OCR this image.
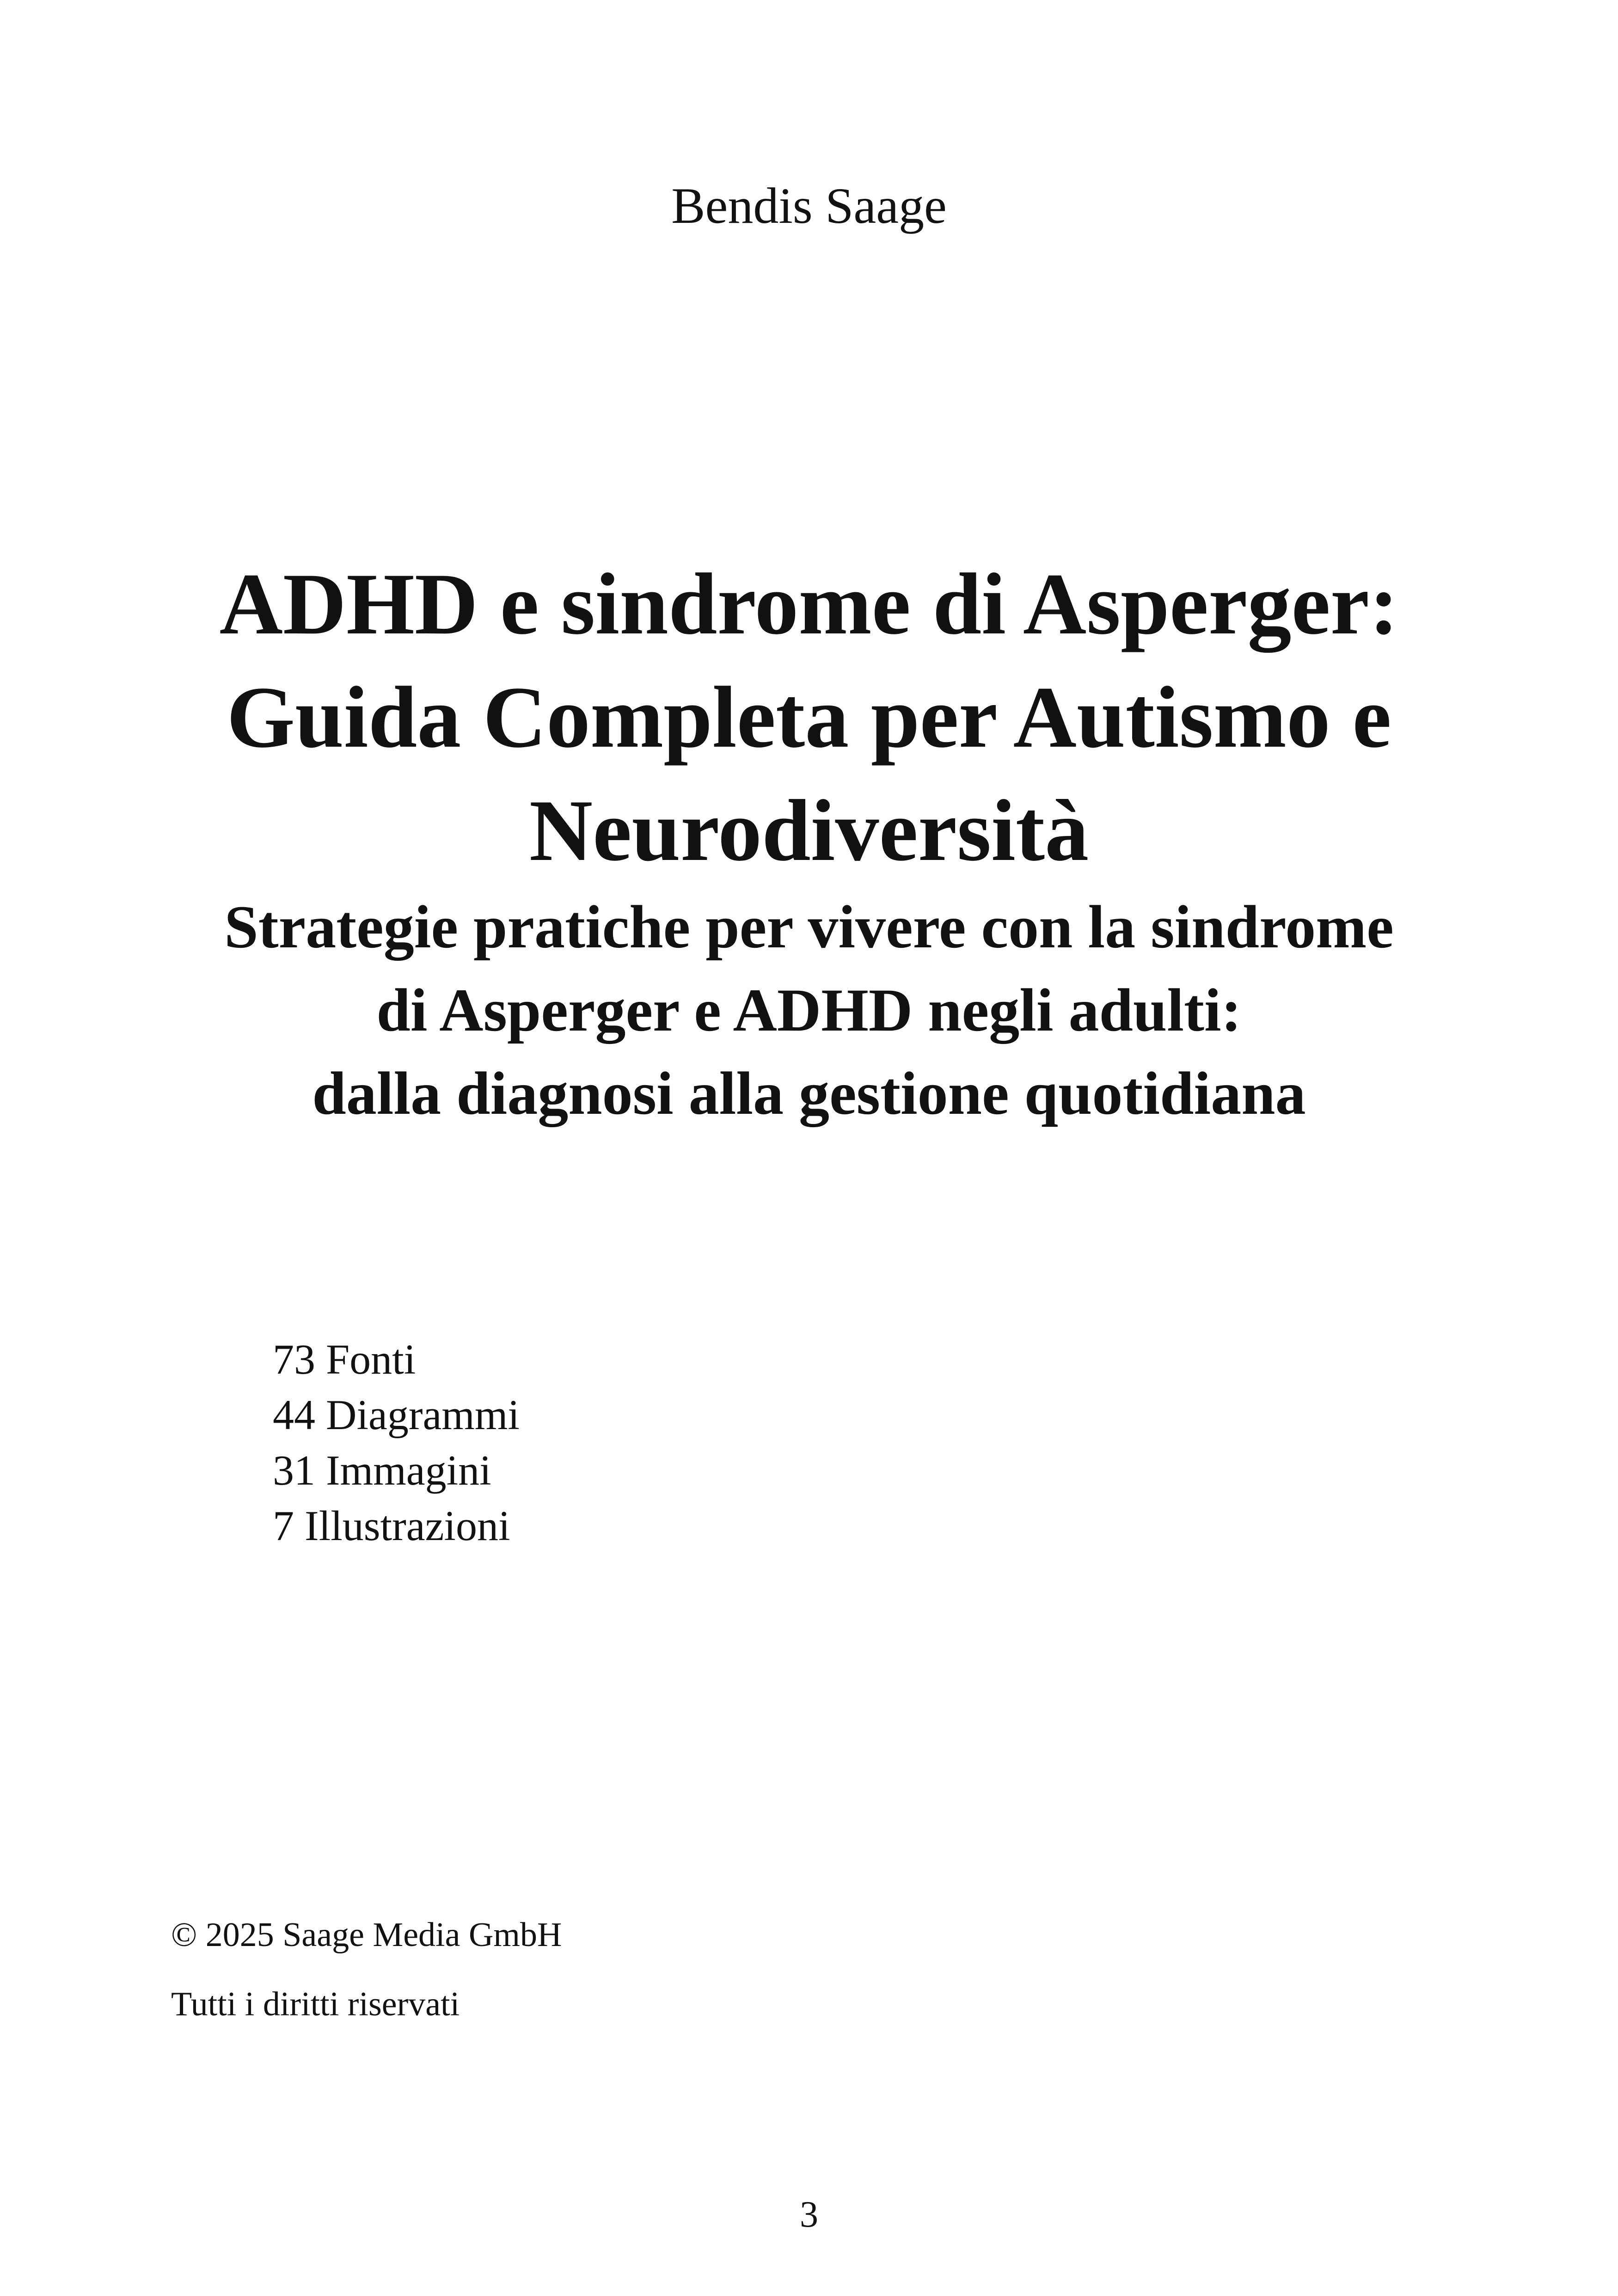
Bendis Saage
ADHD e sindrome di Asperger:
Guida Completa per Autismo e
Neurodiversità
Strategie pratiche per vivere con la sindrome
di Asperger e ADHD negli adulti:
dalla diagnosi alla gestione quotidiana
73 Fonti
44 Diagrammi
31 Immagini
7 Illustrazioni
© 2025 Saage Media GmbH
Tutti i diritti riservati
3
